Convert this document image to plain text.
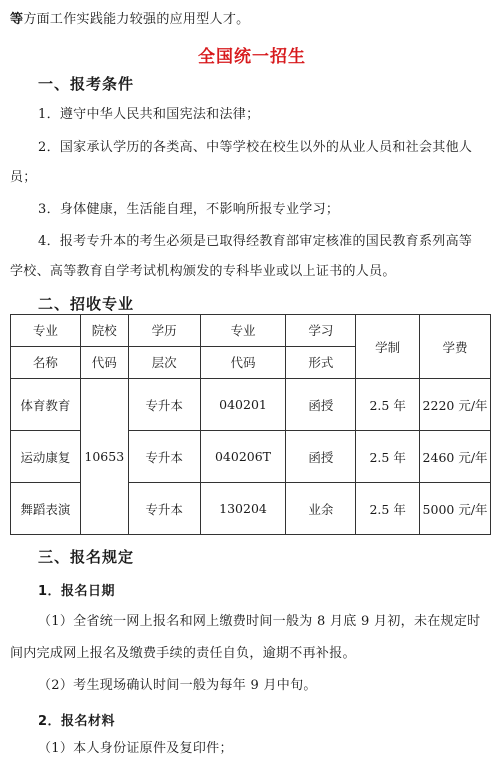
等方面工作实践能力较强的应用型人才。
全国统一招生
一、报考条件
1．遵守中华人民共和国宪法和法律；
2．国家承认学历的各类高、中等学校在校生以外的从业人员和社会其他人
员；
3．身体健康，生活能自理，不影响所报专业学习；
4．报考专升本的考生必须是已取得经教育部审定核准的国民教育系列高等
学校、高等教育自学考试机构颁发的专科毕业或以上证书的人员。
二、招收专业
专业	院校	学历	专业	学习	学制	学费

名称	代码	层次	代码	形式		

体育教育	10653	专升本	040201	函授	2.5 年	2220 元/年
运动康复		专升本	040206T	函授	2.5 年	2460 元/年
舞蹈表演		专升本	130204	业余	2.5 年	5000 元/年
三、报名规定
1．报名日期
（1）全省统一网上报名和网上缴费时间一般为 8 月底 9 月初，未在规定时
间内完成网上报名及缴费手续的责任自负，逾期不再补报。
（2）考生现场确认时间一般为每年 9 月中旬。
2．报名材料
（1）本人身份证原件及复印件；
